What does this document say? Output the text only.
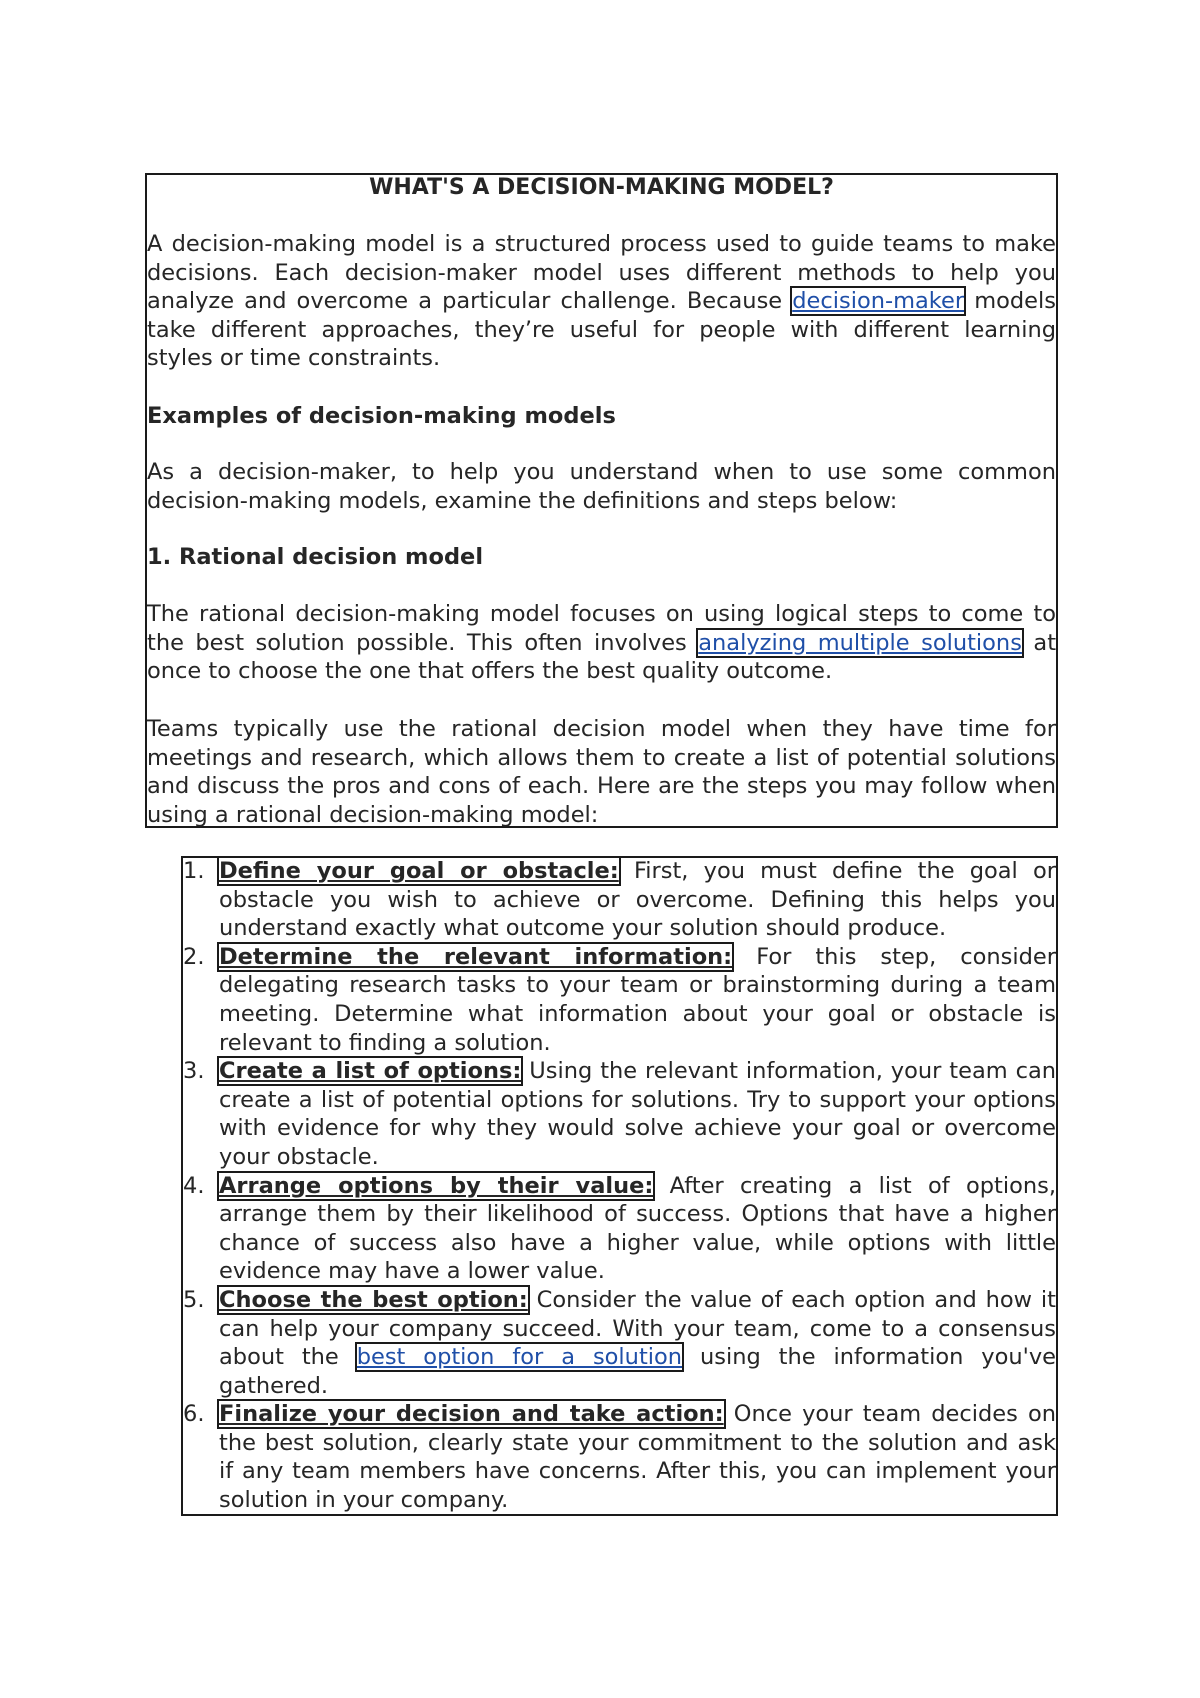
WHAT'S A DECISION-MAKING MODEL?

A decision-making model is a structured process used to guide teams to make decisions. Each decision-maker model uses different methods to help you analyze and overcome a particular challenge. Because decision-maker models take different approaches, they’re useful for people with different learning styles or time constraints.

Examples of decision-making models

As a decision-maker, to help you understand when to use some common decision-making models, examine the definitions and steps below:

1. Rational decision model

The rational decision-making model focuses on using logical steps to come to the best solution possible. This often involves analyzing multiple solutions at once to choose the one that offers the best quality outcome.

Teams typically use the rational decision model when they have time for meetings and research, which allows them to create a list of potential solutions and discuss the pros and cons of each. Here are the steps you may follow when using a rational decision-making model:

1. Define your goal or obstacle: First, you must define the goal or obstacle you wish to achieve or overcome. Defining this helps you understand exactly what outcome your solution should produce.
2. Determine the relevant information: For this step, consider delegating research tasks to your team or brainstorming during a team meeting. Determine what information about your goal or obstacle is relevant to finding a solution.
3. Create a list of options: Using the relevant information, your team can create a list of potential options for solutions. Try to support your options with evidence for why they would solve achieve your goal or overcome your obstacle.
4. Arrange options by their value: After creating a list of options, arrange them by their likelihood of success. Options that have a higher chance of success also have a higher value, while options with little evidence may have a lower value.
5. Choose the best option: Consider the value of each option and how it can help your company succeed. With your team, come to a consensus about the best option for a solution using the information you've gathered.
6. Finalize your decision and take action: Once your team decides on the best solution, clearly state your commitment to the solution and ask if any team members have concerns. After this, you can implement your solution in your company.
